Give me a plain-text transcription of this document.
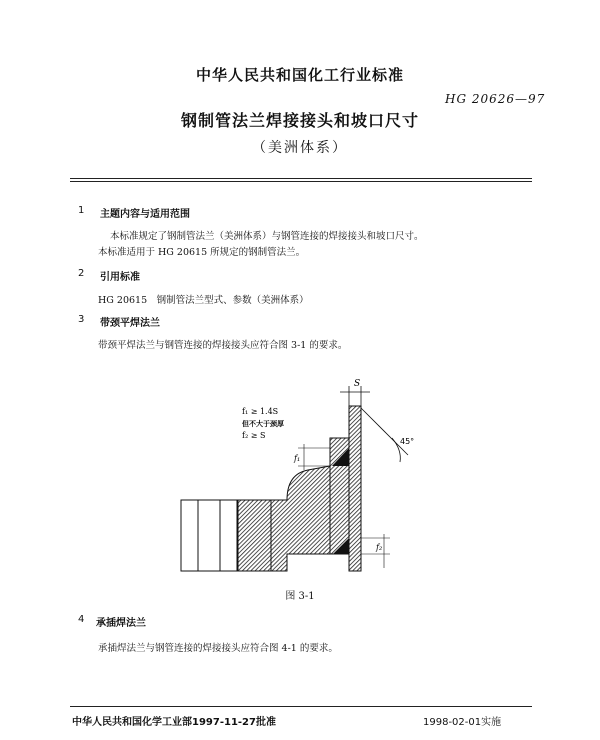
中华人民共和国化工行业标准
HG 20626—97
钢制管法兰焊接接头和坡口尺寸
（美洲体系）
1 主题内容与适用范围
本标准规定了钢制管法兰（美洲体系）与钢管连接的焊接接头和坡口尺寸。
本标准适用于 HG 20615 所规定的钢制管法兰。
2 引用标准
HG 20615　钢制管法兰型式、参数（美洲体系）
3 带颈平焊法兰
带颈平焊法兰与钢管连接的焊接接头应符合图 3-1 的要求。
S
45°
f₁
f₂
f₁ ≥ 1.4S
但不大于颈厚
f₂ ≥ S
图 3-1
4 承插焊法兰
承插焊法兰与钢管连接的焊接接头应符合图 4-1 的要求。
中华人民共和国化学工业部1997-11-27批准	1998-02-01实施
